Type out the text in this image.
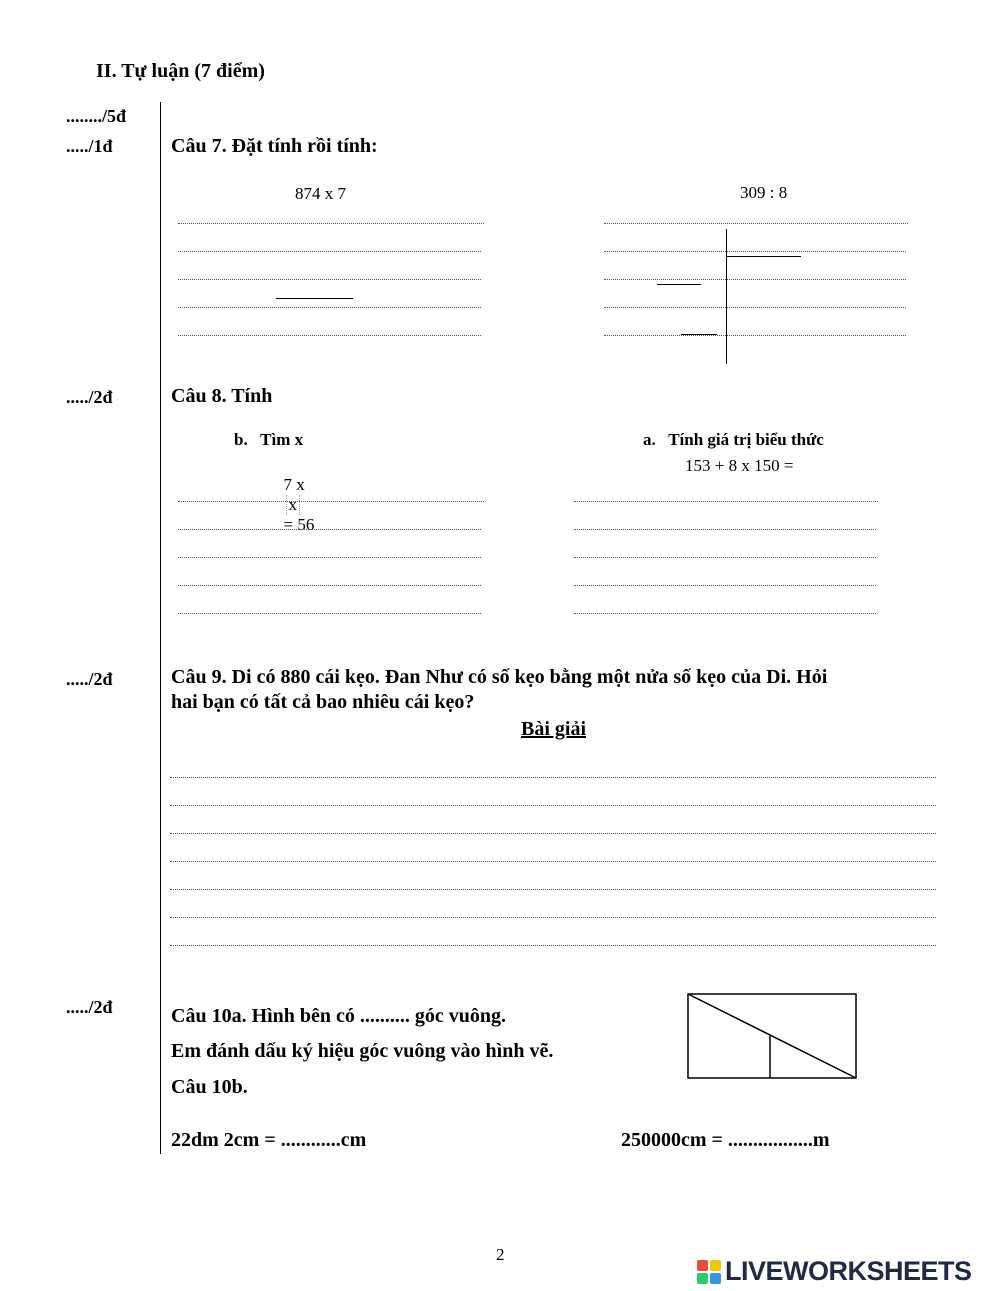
II. Tự luận (7 điểm)
......../5đ
...../1đ	Câu 7. Đặt tính rồi tính:
874 x 7	309 : 8
...../2đ	Câu 8. Tính
b.   Tìm x

7 x
x
= 56

a.   Tính giá trị biểu thức
153 + 8 x 150 =
...../2đ	Câu 9. Di có 880 cái kẹo. Đan Như có số kẹo bằng một nửa số kẹo của Di. Hỏi
hai bạn có tất cả bao nhiêu cái kẹo?
Bài giải
...../2đ	Câu 10a. Hình bên có .......... góc vuông.
Em đánh dấu ký hiệu góc vuông vào hình vẽ.
Câu 10b.
22dm 2cm = ............cm	250000cm = .................m
2
LIVEWORKSHEETS
